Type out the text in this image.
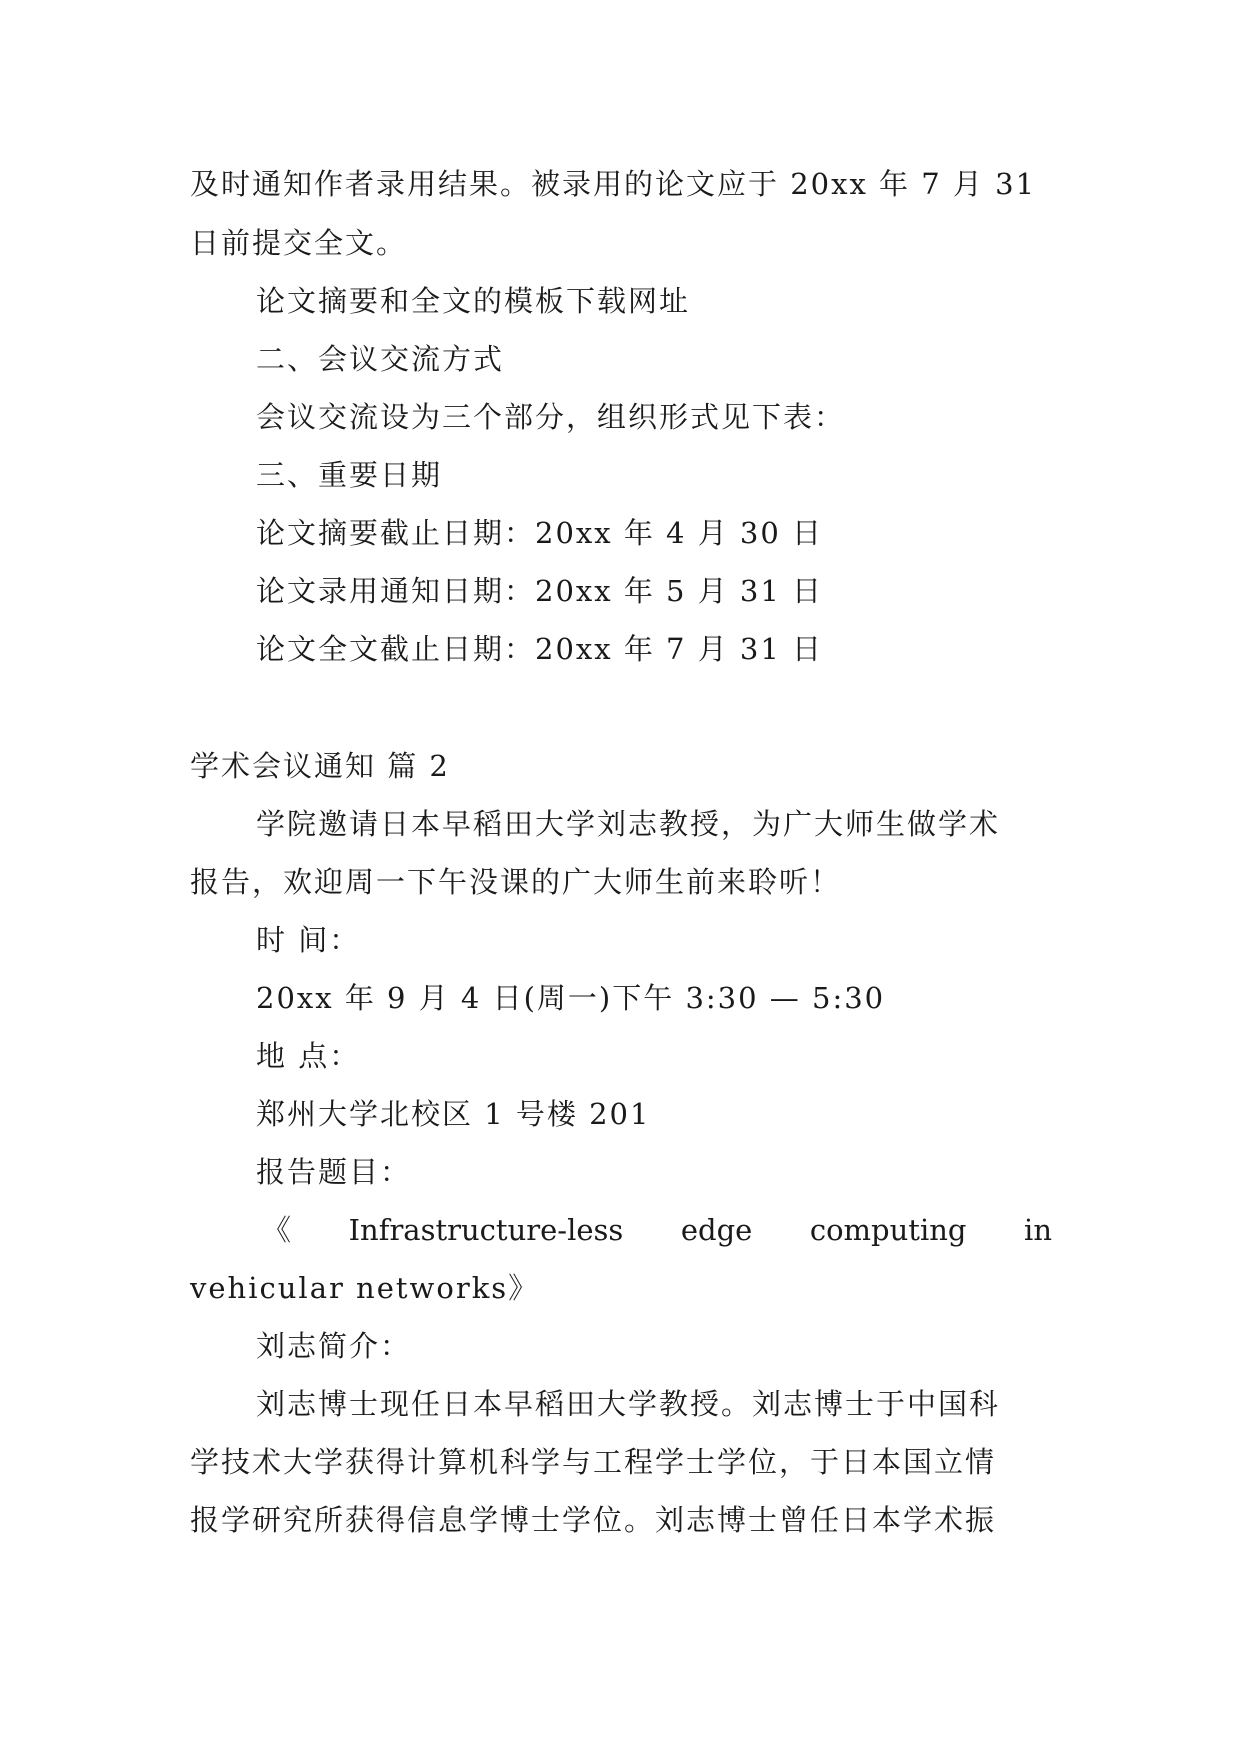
及时通知作者录用结果。被录用的论文应于 20xx 年 7 月 31
日前提交全文。
论文摘要和全文的模板下载网址
二、会议交流方式
会议交流设为三个部分，组织形式见下表：
三、重要日期
论文摘要截止日期：20xx 年 4 月 30 日
论文录用通知日期：20xx 年 5 月 31 日
论文全文截止日期：20xx 年 7 月 31 日
学术会议通知 篇 2
学院邀请日本早稻田大学刘志教授，为广大师生做学术
报告，欢迎周一下午没课的广大师生前来聆听！
时 间：
20xx 年 9 月 4 日(周一)下午 3:30 — 5:30
地 点：
郑州大学北校区 1 号楼 201
报告题目：
《 Infrastructure-less edge computing in
vehicular networks》
刘志简介：
刘志博士现任日本早稻田大学教授。刘志博士于中国科
学技术大学获得计算机科学与工程学士学位，于日本国立情
报学研究所获得信息学博士学位。刘志博士曾任日本学术振
